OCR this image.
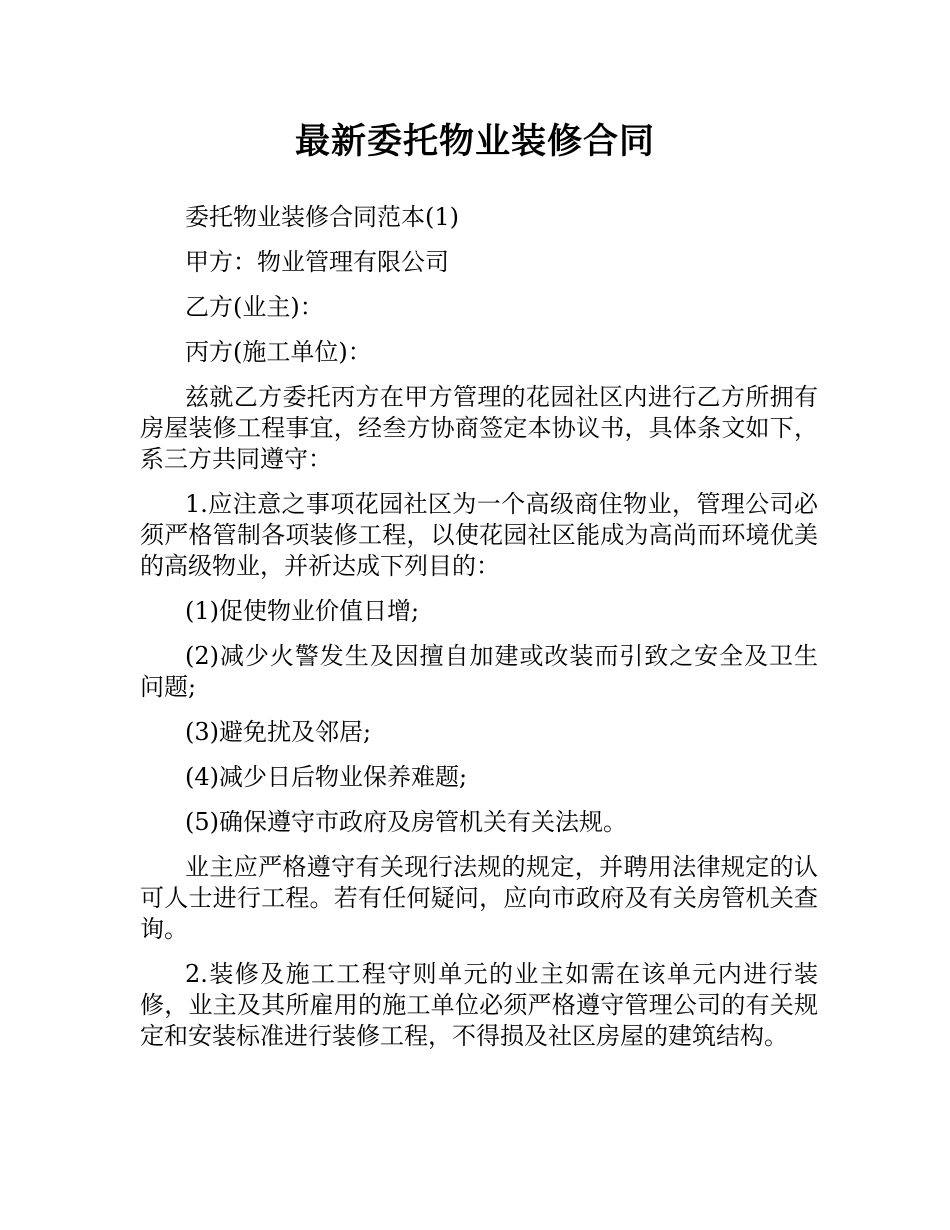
最新委托物业装修合同

委托物业装修合同范本(1)

甲方：物业管理有限公司

乙方(业主)：

丙方(施工单位)：

兹就乙方委托丙方在甲方管理的花园社区内进行乙方所拥有房屋装修工程事宜，经叁方协商签定本协议书，具体条文如下，系三方共同遵守：

1.应注意之事项花园社区为一个高级商住物业，管理公司必须严格管制各项装修工程，以使花园社区能成为高尚而环境优美的高级物业，并祈达成下列目的：

(1)促使物业价值日增;

(2)减少火警发生及因擅自加建或改装而引致之安全及卫生问题;

(3)避免扰及邻居;

(4)减少日后物业保养难题;

(5)确保遵守市政府及房管机关有关法规。

业主应严格遵守有关现行法规的规定，并聘用法律规定的认可人士进行工程。若有任何疑问，应向市政府及有关房管机关查询。

2.装修及施工工程守则单元的业主如需在该单元内进行装修，业主及其所雇用的施工单位必须严格遵守管理公司的有关规定和安装标准进行装修工程，不得损及社区房屋的建筑结构。
